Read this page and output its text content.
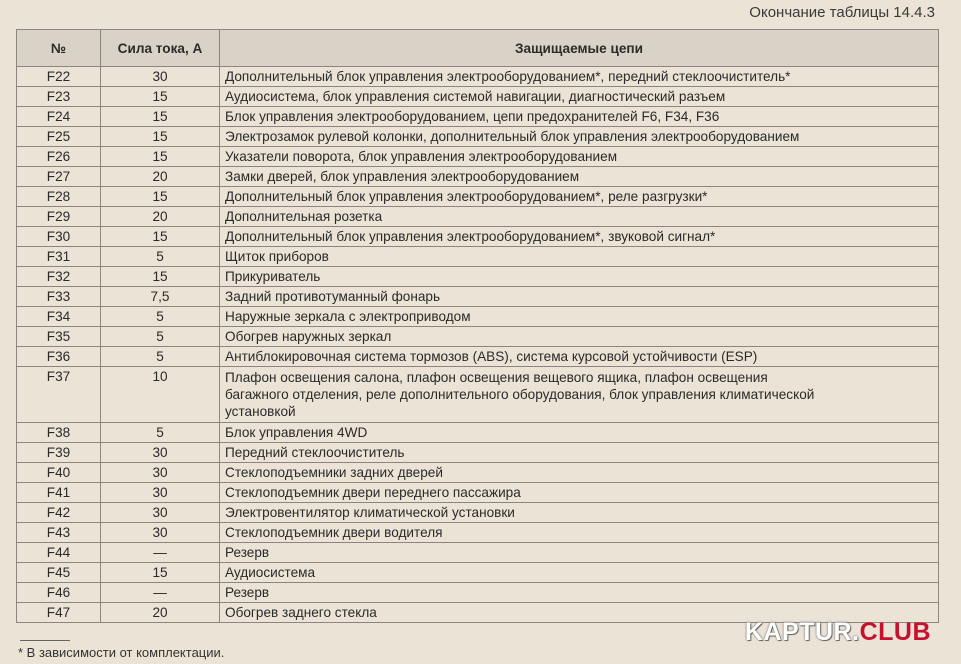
Окончание таблицы 14.4.3
№	Сила тока, А	Защищаемые цепи
F22	30	Дополнительный блок управления электрооборудованием*, передний стеклоочиститель*
F23	15	Аудиосистема, блок управления системой навигации, диагностический разъем
F24	15	Блок управления электрооборудованием, цепи предохранителей F6, F34, F36
F25	15	Электрозамок рулевой колонки, дополнительный блок управления электрооборудованием
F26	15	Указатели поворота, блок управления электрооборудованием
F27	20	Замки дверей, блок управления электрооборудованием
F28	15	Дополнительный блок управления электрооборудованием*, реле разгрузки*
F29	20	Дополнительная розетка
F30	15	Дополнительный блок управления электрооборудованием*, звуковой сигнал*
F31	5	Щиток приборов
F32	15	Прикуриватель
F33	7,5	Задний противотуманный фонарь
F34	5	Наружные зеркала с электроприводом
F35	5	Обогрев наружных зеркал
F36	5	Антиблокировочная система тормозов (ABS), система курсовой устойчивости (ESP)
F37	10	Плафон освещения салона, плафон освещения вещевого ящика, плафон освещения
багажного отделения, реле дополнительного оборудования, блок управления климатической
установкой

F38	5	Блок управления 4WD
F39	30	Передний стеклоочиститель
F40	30	Стеклоподъемники задних дверей
F41	30	Стеклоподъемник двери переднего пассажира
F42	30	Электровентилятор климатической установки
F43	30	Стеклоподъемник двери водителя
F44	—	Резерв
F45	15	Аудиосистема
F46	—	Резерв
F47	20	Обогрев заднего стекла
* В зависимости от комплектации.
KAPTUR.CLUB
